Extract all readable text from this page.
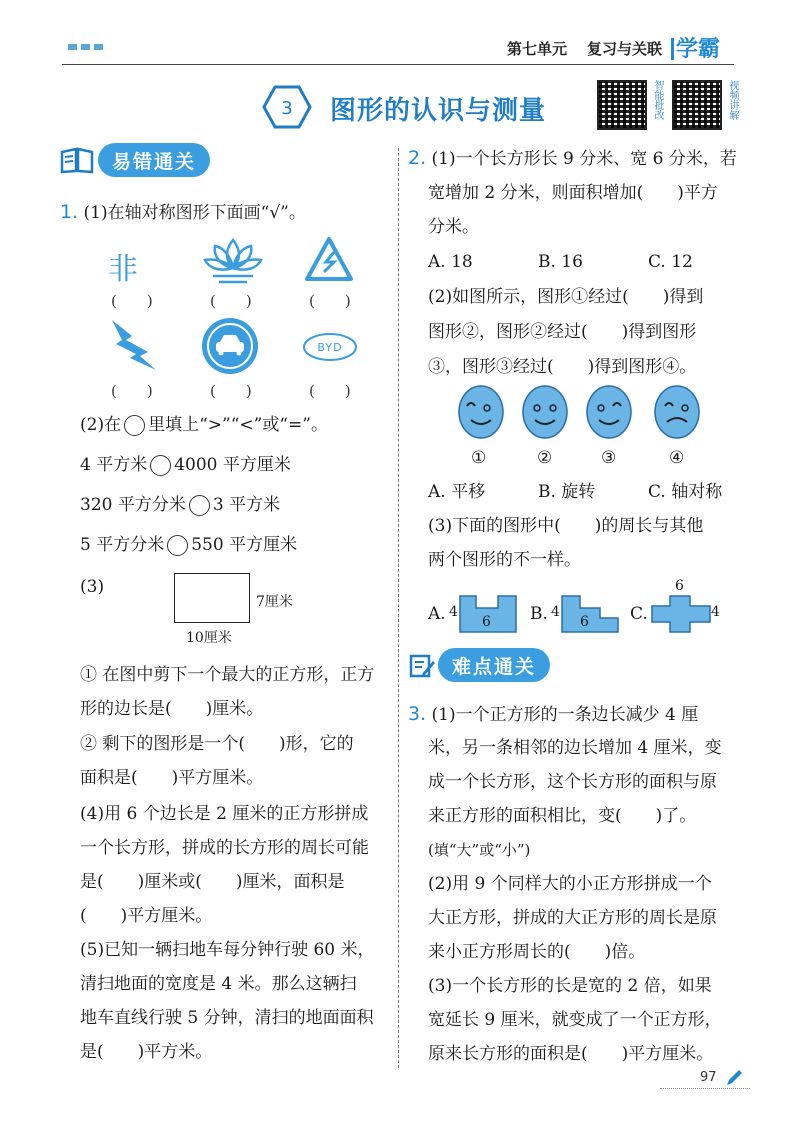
第七单元 复习与关联 学霸
3 图形的认识与测量	智能批改	视频讲解
易错通关
1. (1)在轴对称图形下面画“√”。
非
(　　)	(　　)	(　　)
BYD
(　　)	(　　)	(　　)
(2)在 里填上“>”“<”或“=”。
4 平方米 4000 平方厘米
320 平方分米 3 平方米
5 平方分米 550 平方厘米
(3)
7厘米
10厘米
① 在图中剪下一个最大的正方形，正方
形的边长是(　　)厘米。
② 剩下的图形是一个(　　)形，它的
面积是(　　)平方厘米。
(4)用 6 个边长是 2 厘米的正方形拼成
一个长方形，拼成的长方形的周长可能
是(　　)厘米或(　　)厘米，面积是
(　　)平方厘米。
(5)已知一辆扫地车每分钟行驶 60 米，
清扫地面的宽度是 4 米。那么这辆扫
地车直线行驶 5 分钟，清扫的地面面积
是(　　)平方米。
2. (1)一个长方形长 9 分米、宽 6 分米，若
宽增加 2 分米，则面积增加(　　)平方
分米。
A. 18	B. 16	C. 12
(2)如图所示，图形①经过(　　)得到
图形②，图形②经过(　　)得到图形
③，图形③经过(　　)得到图形④。
①	②	③	④
A. 平移	B. 旋转	C. 轴对称
(3)下面的图形中(　　)的周长与其他
两个图形的不一样。
A. 4
6 B. 4
6 C.
6
4
难点通关
3. (1)一个正方形的一条边长减少 4 厘
米，另一条相邻的边长增加 4 厘米，变
成一个长方形，这个长方形的面积与原
来正方形的面积相比，变(　　)了。
(填“大”或“小”)
(2)用 9 个同样大的小正方形拼成一个
大正方形，拼成的大正方形的周长是原
来小正方形周长的(　　)倍。
(3)一个长方形的长是宽的 2 倍，如果
宽延长 9 厘米，就变成了一个正方形，
原来长方形的面积是(　　)平方厘米。
97
